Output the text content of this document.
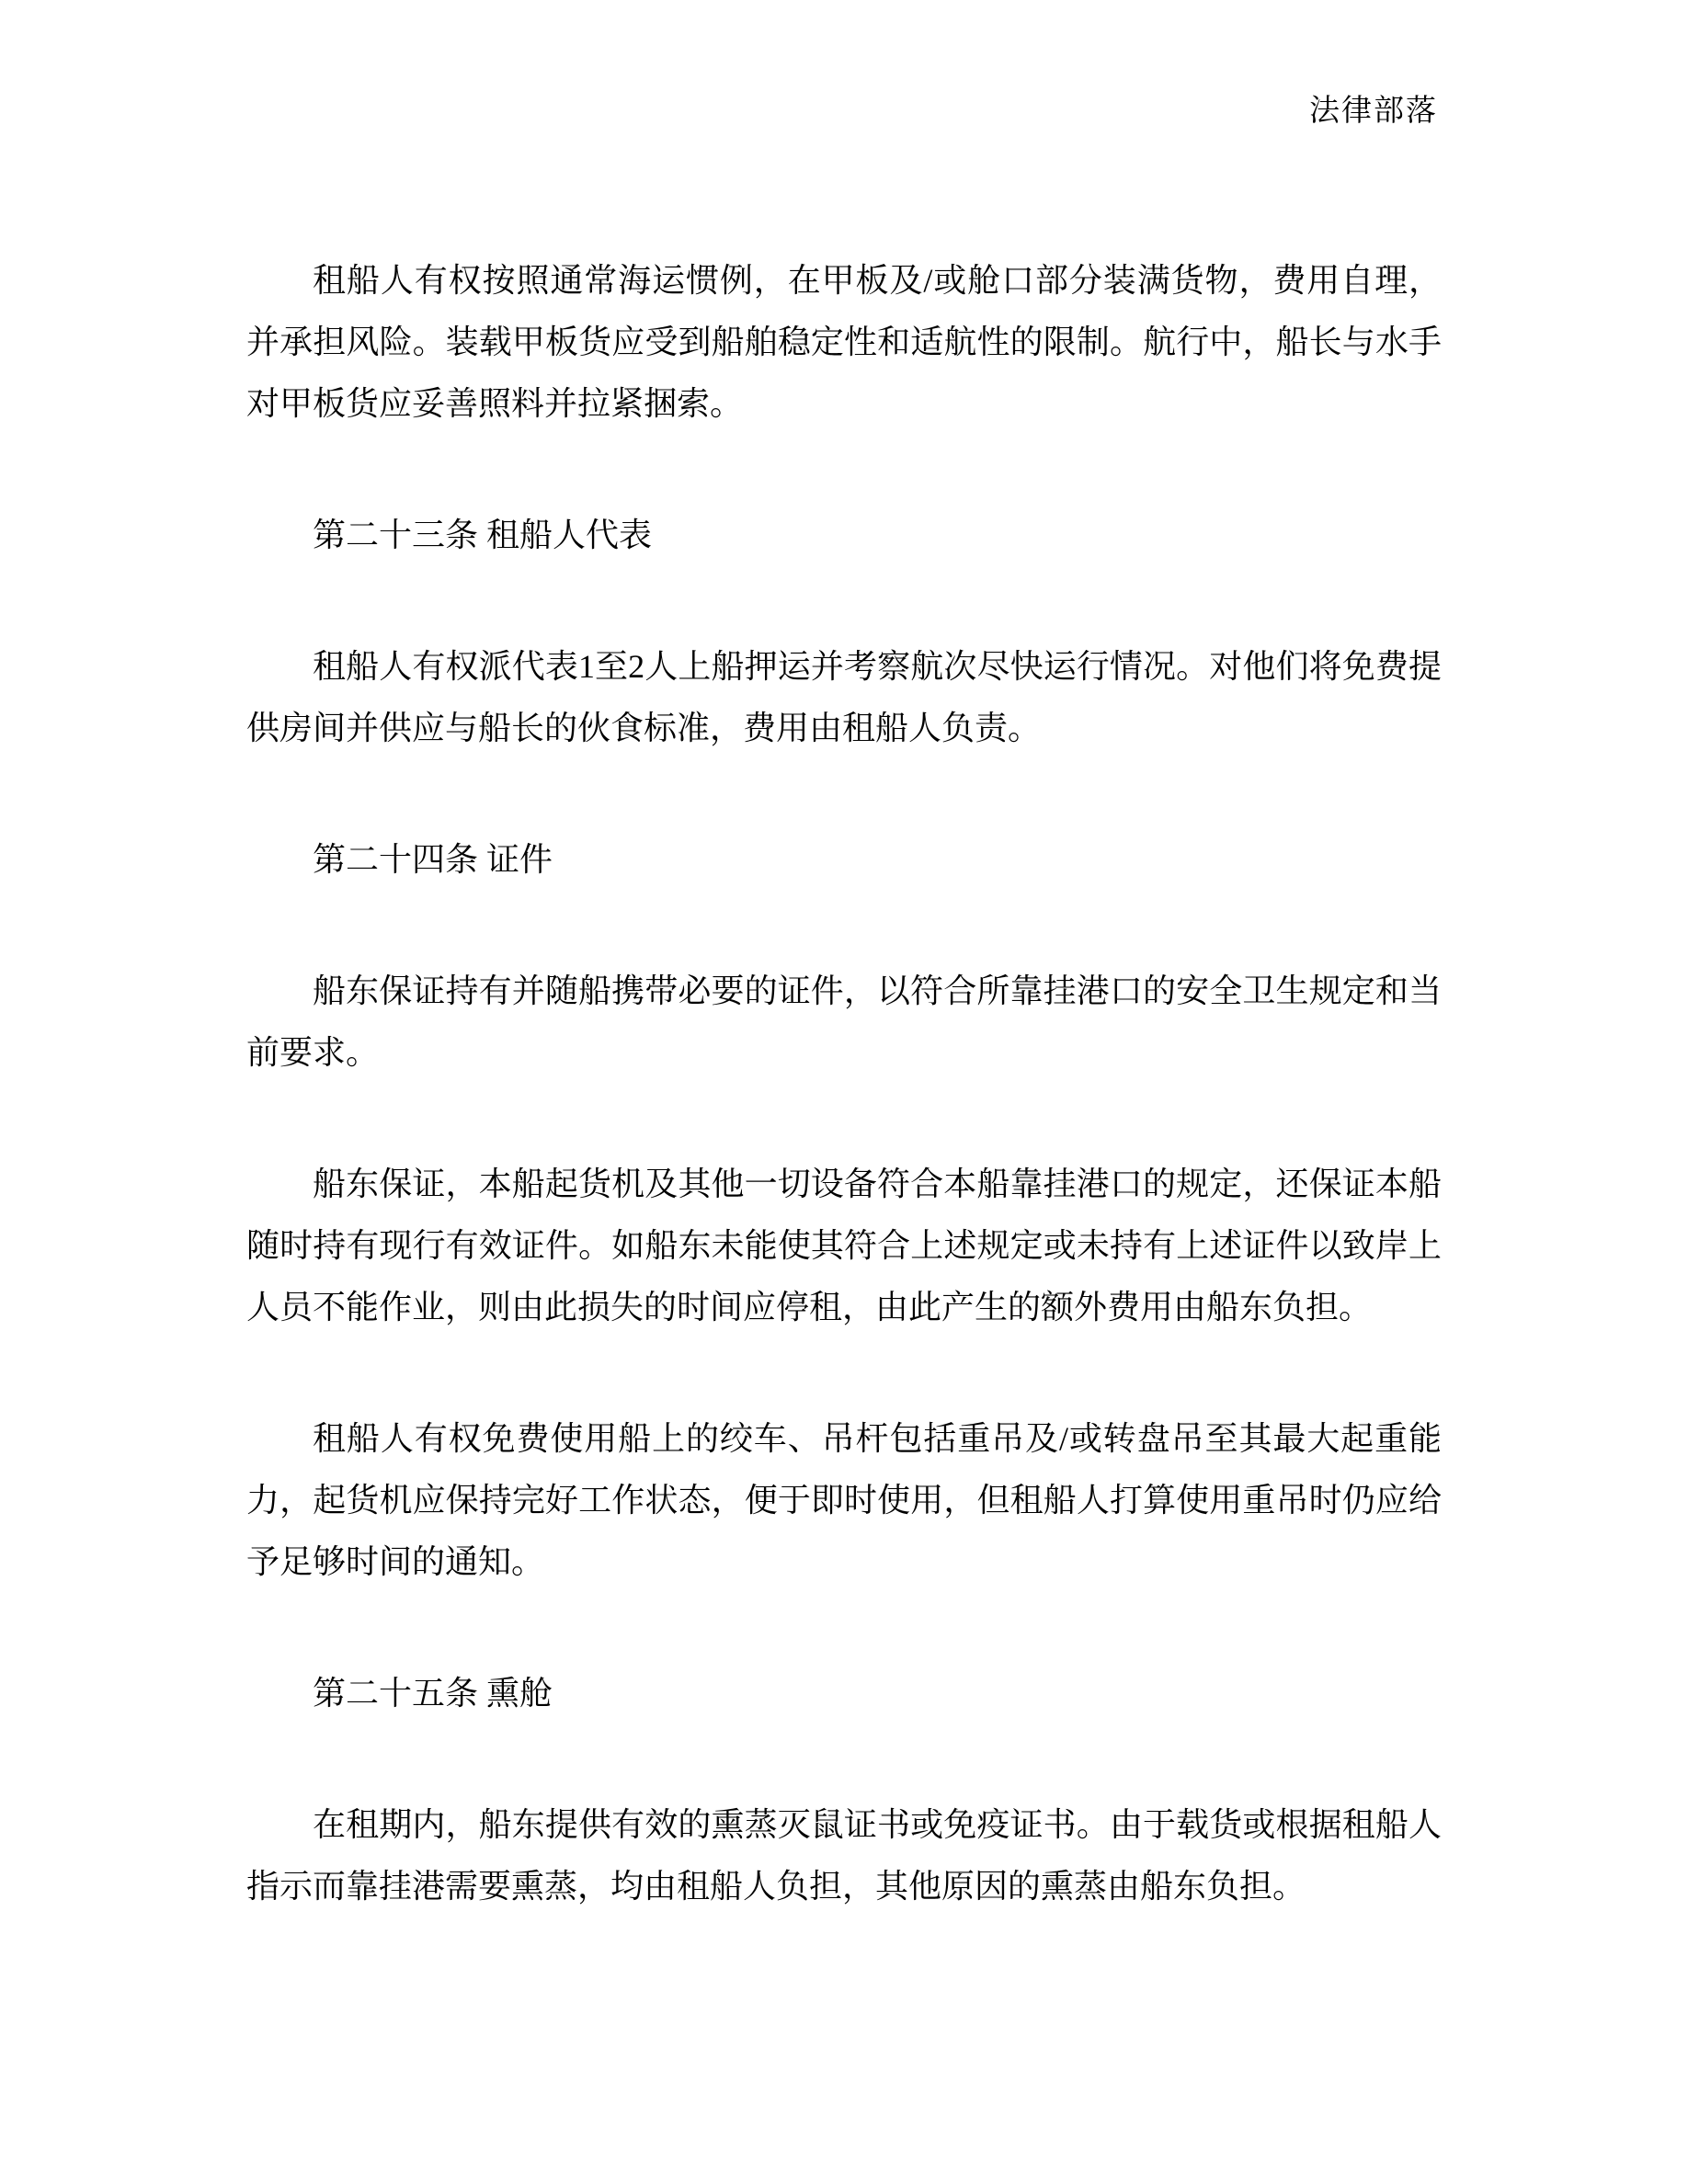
法律部落

租船人有权按照通常海运惯例，在甲板及/或舱口部分装满货物，费用自理，并承担风险。装载甲板货应受到船舶稳定性和适航性的限制。航行中，船长与水手对甲板货应妥善照料并拉紧捆索。

第二十三条 租船人代表

租船人有权派代表1至2人上船押运并考察航次尽快运行情况。对他们将免费提供房间并供应与船长的伙食标准，费用由租船人负责。

第二十四条 证件

船东保证持有并随船携带必要的证件，以符合所靠挂港口的安全卫生规定和当前要求。

船东保证，本船起货机及其他一切设备符合本船靠挂港口的规定，还保证本船随时持有现行有效证件。如船东未能使其符合上述规定或未持有上述证件以致岸上人员不能作业，则由此损失的时间应停租，由此产生的额外费用由船东负担。

租船人有权免费使用船上的绞车、吊杆包括重吊及/或转盘吊至其最大起重能力，起货机应保持完好工作状态，便于即时使用，但租船人打算使用重吊时仍应给予足够时间的通知。

第二十五条 熏舱

在租期内，船东提供有效的熏蒸灭鼠证书或免疫证书。由于载货或根据租船人指示而靠挂港需要熏蒸，均由租船人负担，其他原因的熏蒸由船东负担。
